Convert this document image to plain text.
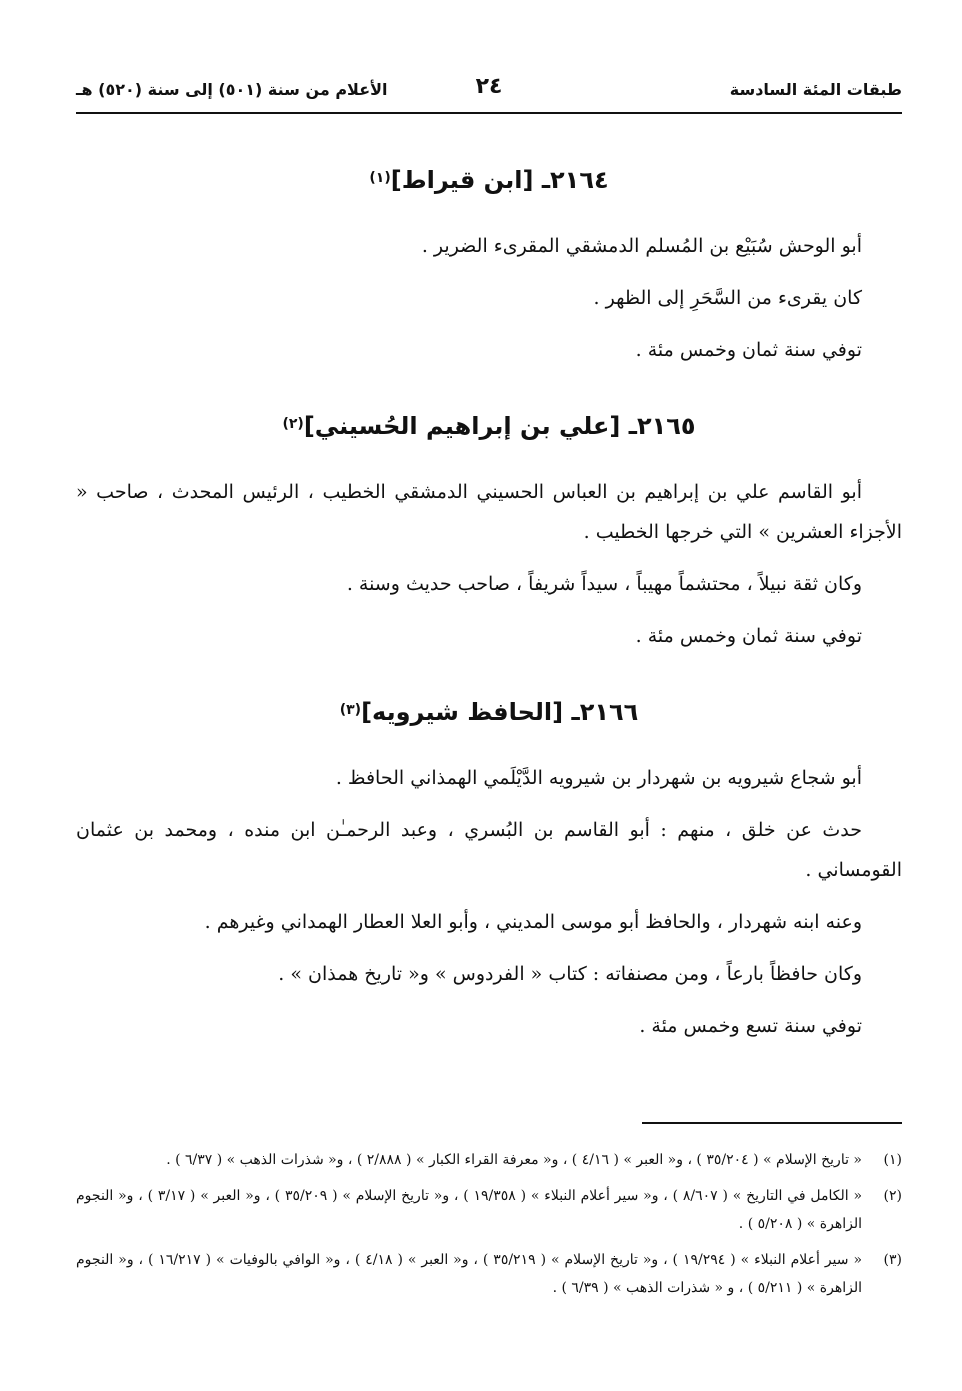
طبقات المئة السادسة
٢٤
الأعلام من سنة (٥٠١) إلى سنة (٥٢٠) هـ
٢١٦٤ـ [ابن قيراط]$^{(١)}$

أبو الوحش سُبَيْع بن المُسلم الدمشقي المقرىء الضرير .

كان يقرىء من السَّحَرِ إلى الظهر .

توفي سنة ثمان وخمس مئة .

٢١٦٥ـ [علي بن إبراهيم الحُسيني]$^{(٢)}$

أبو القاسم علي بن إبراهيم بن العباس الحسيني الدمشقي الخطيب ، الرئيس المحدث ، صاحب « الأجزاء العشرين » التي خرجها الخطيب .

وكان ثقة نبيلاً ، محتشماً مهيباً ، سيداً شريفاً ، صاحب حديث وسنة .

توفي سنة ثمان وخمس مئة .

٢١٦٦ـ [الحافظ شيرويه]$^{(٣)}$

أبو شجاع شيرويه بن شهردار بن شيرويه الدَّيْلَمي الهمذاني الحافظ .

حدث عن خلق ، منهم : أبو القاسم بن البُسري ، وعبد الرحمـٰن ابن منده ، ومحمد بن عثمان القومساني .

وعنه ابنه شهردار ، والحافظ أبو موسى المديني ، وأبو العلا العطار الهمداني وغيرهم .

وكان حافظاً بارعاً ، ومن مصنفاته : كتاب « الفردوس » و« تاريخ همذان » .

توفي سنة تسع وخمس مئة .

(١)
« تاريخ الإسلام » ( ٣٥/٢٠٤ ) ، و« العبر » ( ٤/١٦ ) ، و« معرفة القراء الكبار » ( ٢/٨٨٨ ) ، و« شذرات الذهب » ( ٦/٣٧ ) .
(٢)
« الكامل في التاريخ » ( ٨/٦٠٧ ) ، و« سير أعلام النبلاء » ( ١٩/٣٥٨ ) ، و« تاريخ الإسلام » ( ٣٥/٢٠٩ ) ، و« العبر » ( ٣/١٧ ) ، و« النجوم الزاهرة » ( ٥/٢٠٨ ) .
(٣)
« سير أعلام النبلاء » ( ١٩/٢٩٤ ) ، و« تاريخ الإسلام » ( ٣٥/٢١٩ ) ، و« العبر » ( ٤/١٨ ) ، و« الوافي بالوفيات » ( ١٦/٢١٧ ) ، و« النجوم الزاهرة » ( ٥/٢١١ ) ، و « شذرات الذهب » ( ٦/٣٩ ) .
